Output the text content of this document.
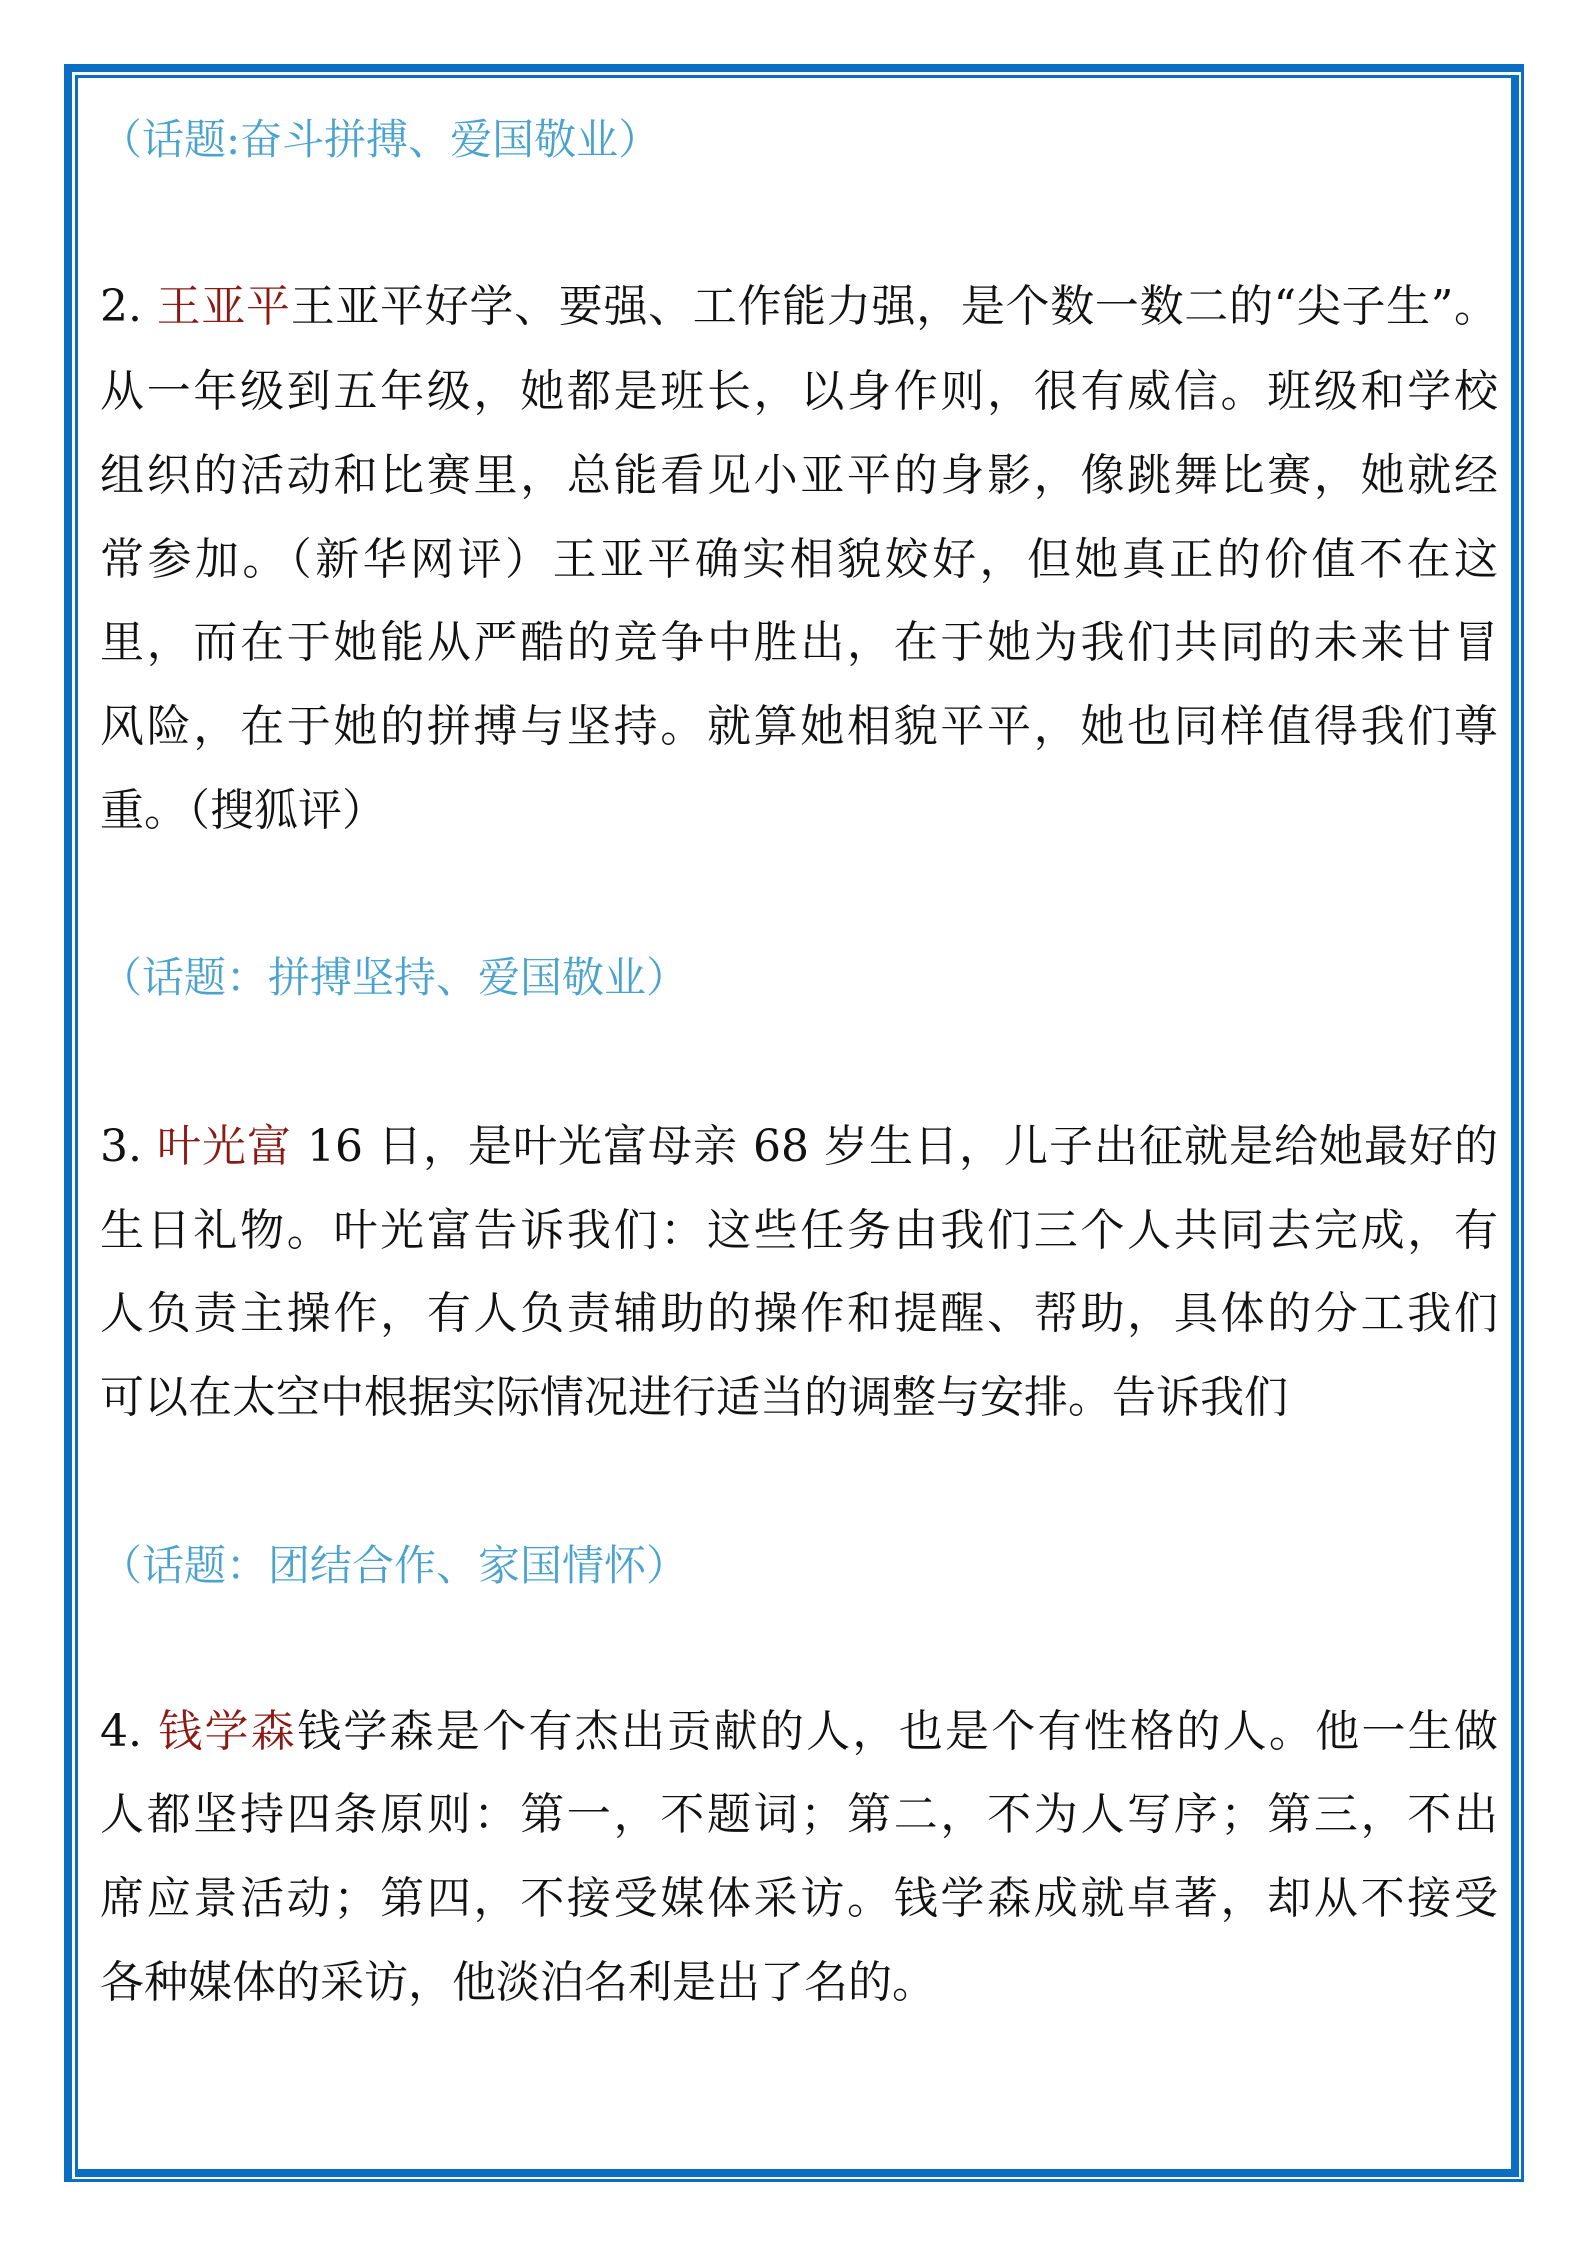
（话题:奋斗拼搏、爱国敬业）
2. 王亚平王亚平好学、要强、工作能力强，是个数一数二的“尖子生”。
从一年级到五年级，她都是班长，以身作则，很有威信。班级和学校
组织的活动和比赛里，总能看见小亚平的身影，像跳舞比赛，她就经
常参加。（新华网评）王亚平确实相貌姣好，但她真正的价值不在这
里，而在于她能从严酷的竞争中胜出，在于她为我们共同的未来甘冒
风险，在于她的拼搏与坚持。就算她相貌平平，她也同样值得我们尊
重。（搜狐评）
（话题：拼搏坚持、爱国敬业）
3. 叶光富 16 日，是叶光富母亲 68 岁生日，儿子出征就是给她最好的
生日礼物。叶光富告诉我们：这些任务由我们三个人共同去完成，有
人负责主操作，有人负责辅助的操作和提醒、帮助，具体的分工我们
可以在太空中根据实际情况进行适当的调整与安排。告诉我们
（话题：团结合作、家国情怀）
4. 钱学森钱学森是个有杰出贡献的人，也是个有性格的人。他一生做
人都坚持四条原则：第一，不题词；第二，不为人写序；第三，不出
席应景活动；第四，不接受媒体采访。钱学森成就卓著，却从不接受
各种媒体的采访，他淡泊名利是出了名的。
